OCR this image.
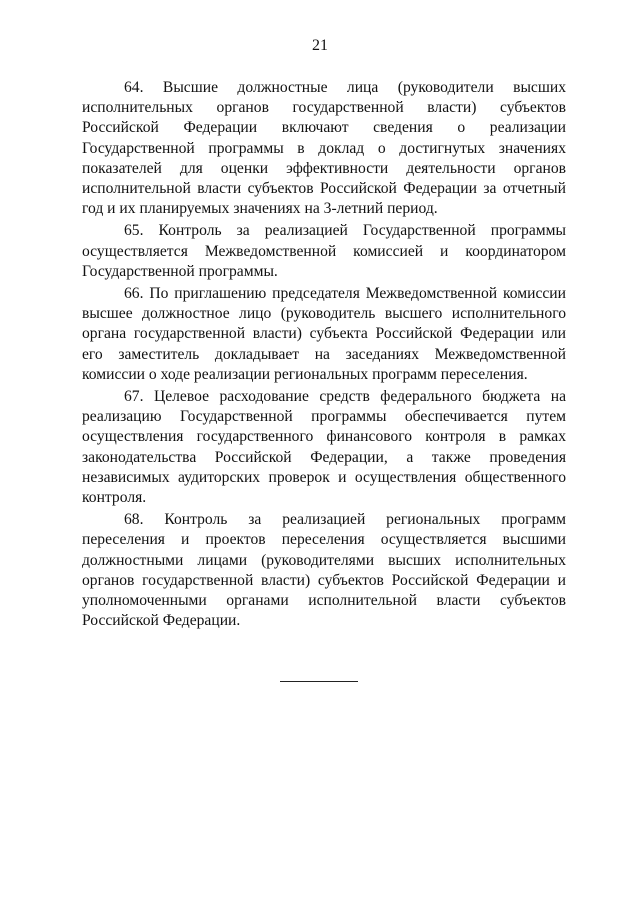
21

64. Высшие должностные лица (руководители высших исполнительных органов государственной власти) субъектов Российской Федерации включают сведения о реализации Государственной программы в доклад о достигнутых значениях показателей для оценки эффективности деятельности органов исполнительной власти субъектов Российской Федерации за отчетный год и их планируемых значениях на 3-летний период.

65. Контроль за реализацией Государственной программы осуществляется Межведомственной комиссией и координатором Государственной программы.

66. По приглашению председателя Межведомственной комиссии высшее должностное лицо (руководитель высшего исполнительного органа государственной власти) субъекта Российской Федерации или его заместитель докладывает на заседаниях Межведомственной комиссии о ходе реализации региональных программ переселения.

67. Целевое расходование средств федерального бюджета на реализацию Государственной программы обеспечивается путем осуществления государственного финансового контроля в рамках законодательства Российской Федерации, а также проведения независимых аудиторских проверок и осуществления общественного контроля.

68. Контроль за реализацией региональных программ переселения и проектов переселения осуществляется высшими должностными лицами (руководителями высших исполнительных органов государственной власти) субъектов Российской Федерации и уполномоченными органами исполнительной власти субъектов Российской Федерации.
